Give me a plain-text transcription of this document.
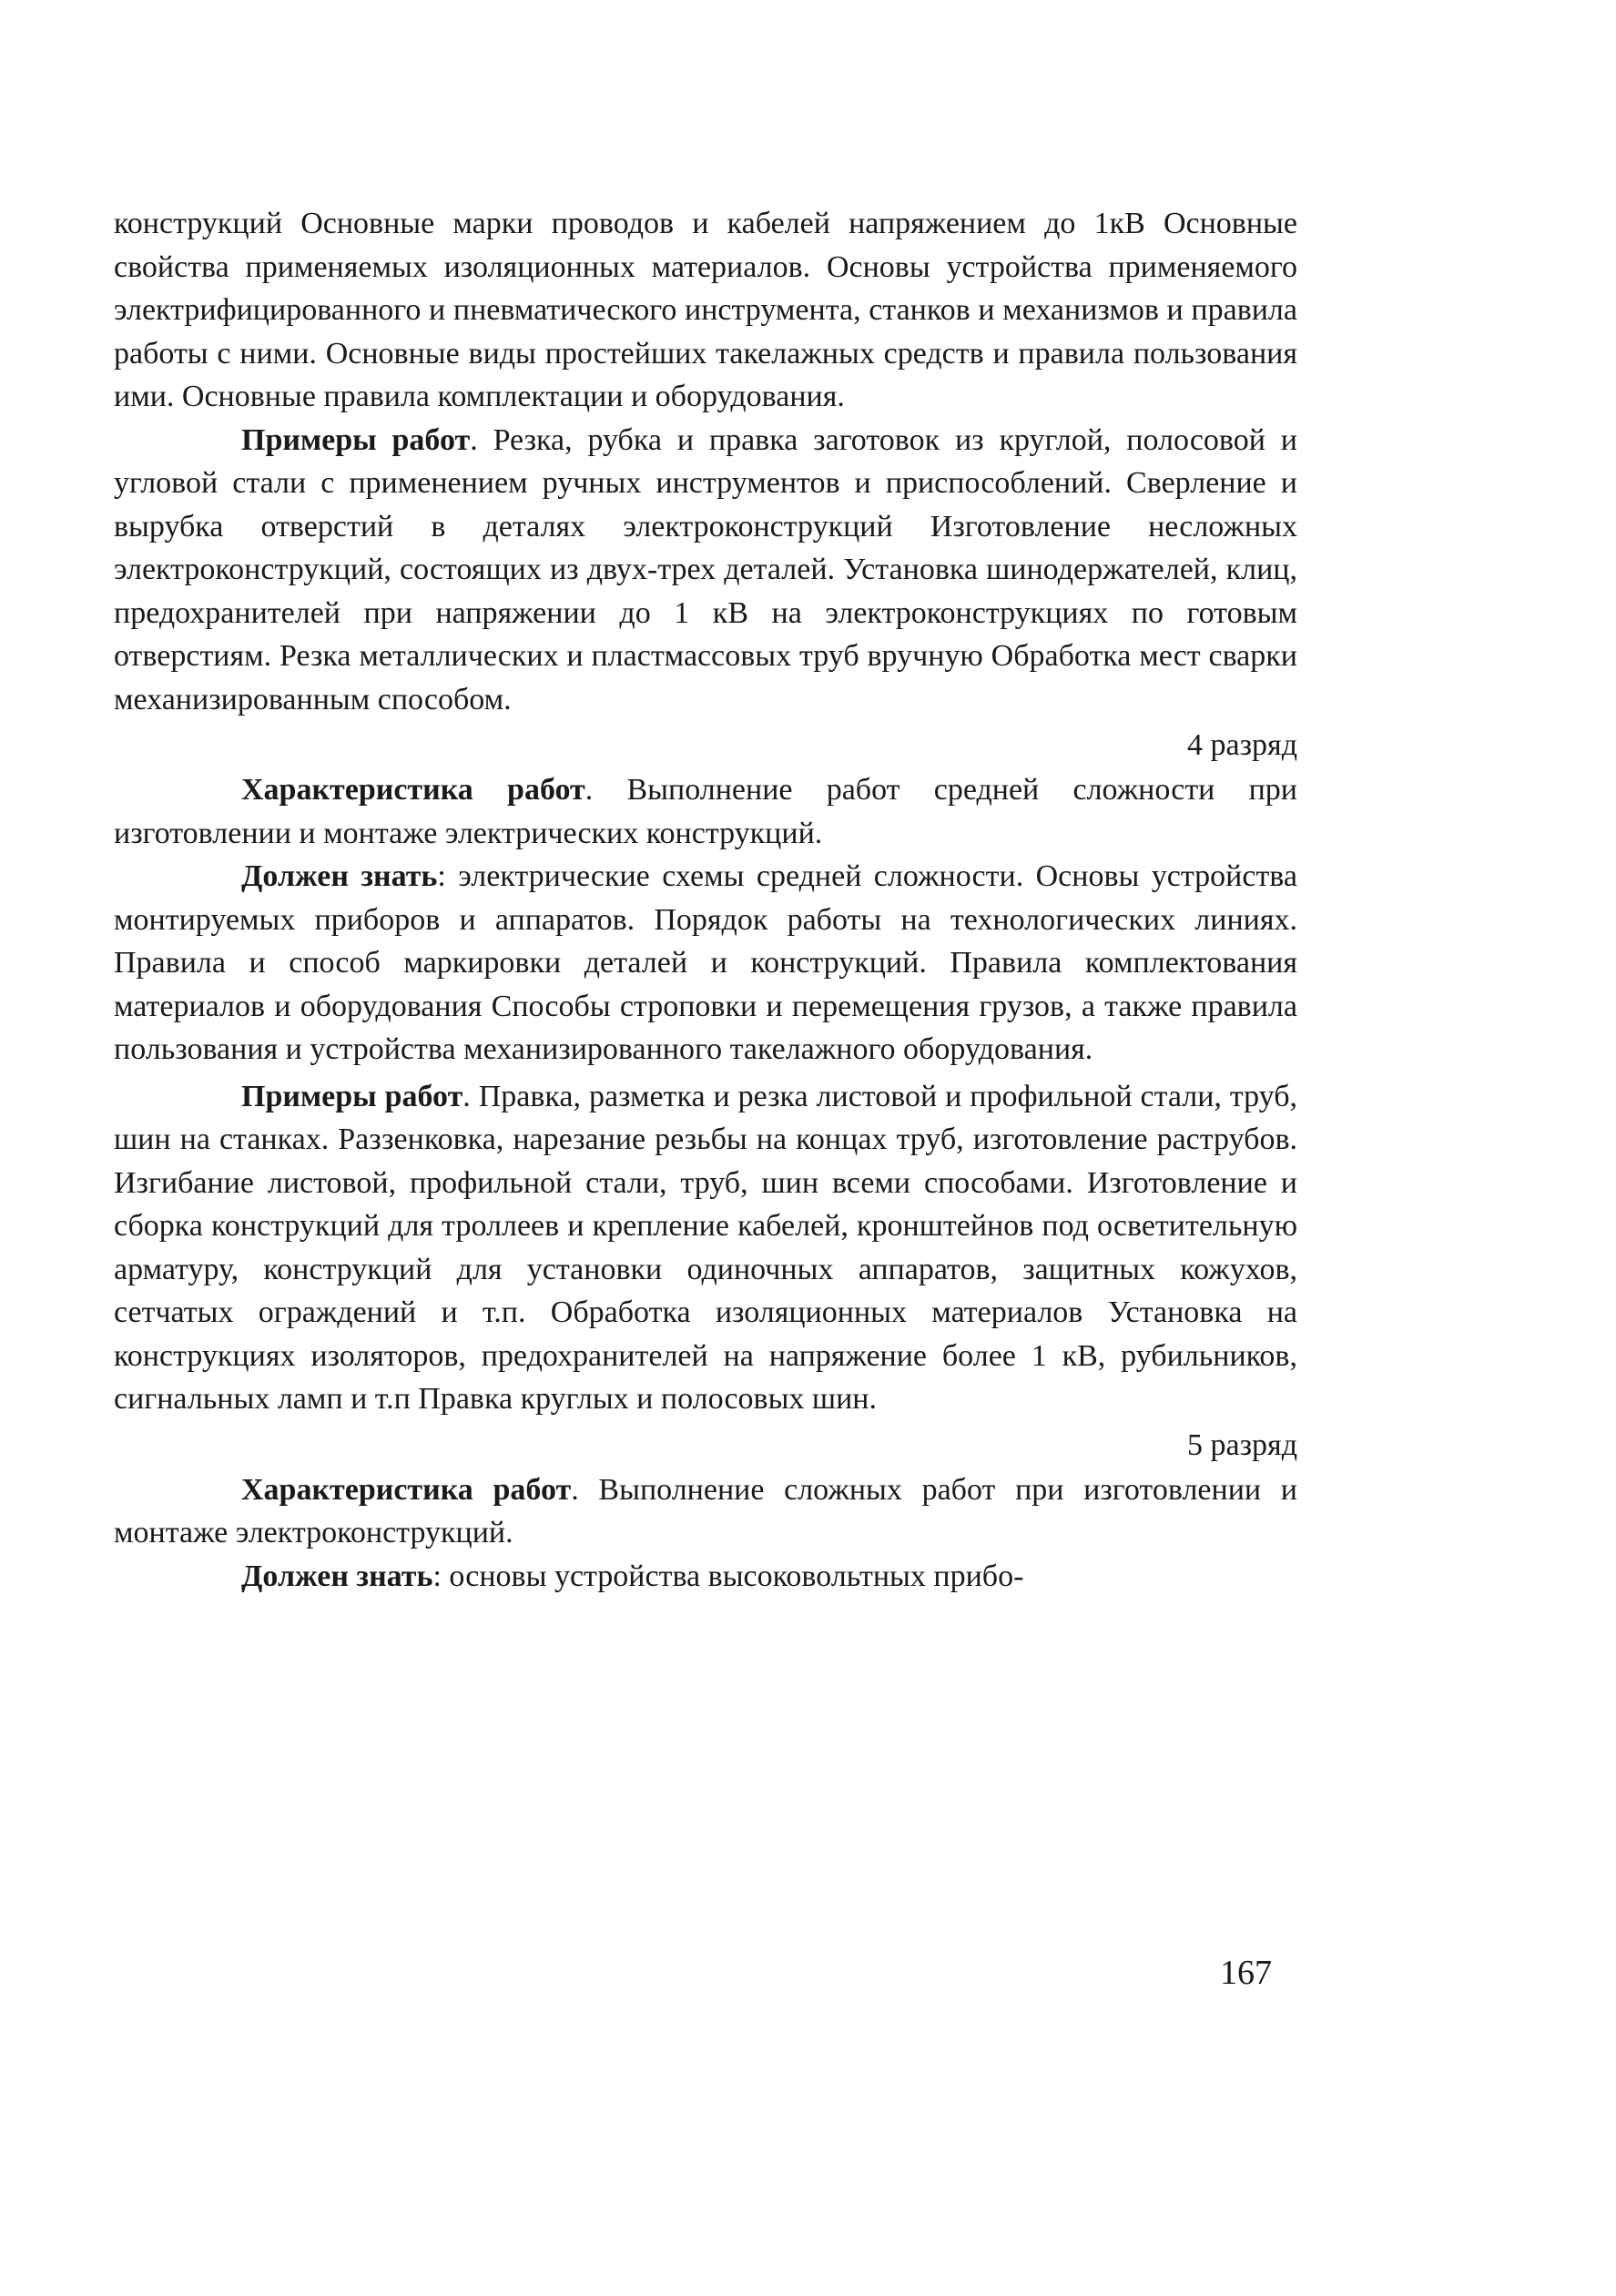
конструкций Основные марки проводов и кабелей напряжением до 1кВ Основные свойства применяемых изоляционных материалов. Основы устройства применяемого электрифицированного и пневматического инструмента, станков и механизмов и правила работы с ними. Основные виды простейших такелажных средств и правила пользования ими. Основные правила комплектации и оборудования.

Примеры работ. Резка, рубка и правка заготовок из круглой, полосовой и угловой стали с применением ручных инструментов и приспособлений. Сверление и вырубка отверстий в деталях электроконструкций Изготовление несложных электроконструкций, состоящих из двух-трех деталей. Установка шинодержателей, клиц, предохранителей при напряжении до 1 кВ на электроконструкциях по готовым отверстиям. Резка металлических и пластмассовых труб вручную Обработка мест сварки механизированным способом.

4 разряд

Характеристика работ. Выполнение работ средней сложности при изготовлении и монтаже электрических конструкций.

Должен знать: электрические схемы средней сложности. Основы устройства монтируемых приборов и аппаратов. Порядок работы на технологических линиях. Правила и способ маркировки деталей и конструкций. Правила комплектования материалов и оборудования Способы строповки и перемещения грузов, а также правила пользования и устройства механизированного такелажного оборудования.

Примеры работ. Правка, разметка и резка листовой и профильной стали, труб, шин на станках. Раззенковка, нарезание резьбы на концах труб, изготовление раструбов. Изгибание листовой, профильной стали, труб, шин всеми способами. Изготовление и сборка конструкций для троллеев и крепление кабелей, кронштейнов под осветительную арматуру, конструкций для установки одиночных аппаратов, защитных кожухов, сетчатых ограждений и т.п. Обработка изоляционных материалов Установка на конструкциях изоляторов, предохранителей на напряжение более 1 кВ, рубильников, сигнальных ламп и т.п Правка круглых и полосовых шин.

5 разряд

Характеристика работ. Выполнение сложных работ при изготовлении и монтаже электроконструкций.

Должен знать: основы устройства высоковольтных прибо-

167
